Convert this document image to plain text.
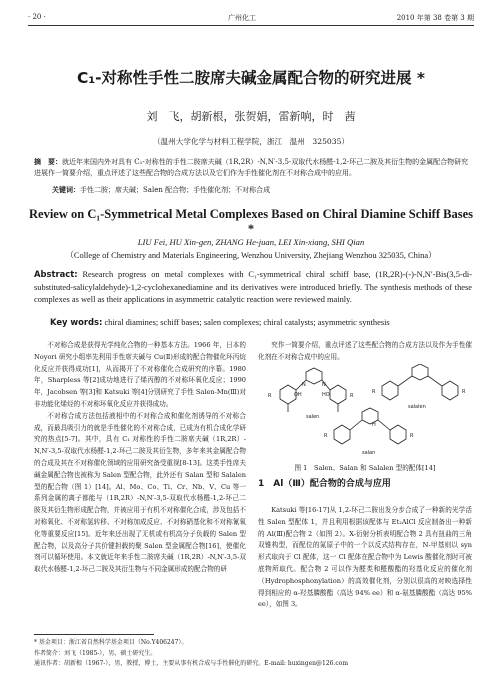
· 20 ·	广州化工	2010 年第 38 卷第 3 期
C₁-对称性手性二胺席夫碱金属配合物的研究进展 *
刘　飞，胡新根，张贺娟，雷新响，时　茜
（温州大学化学与材料工程学院，浙江　温州　325035）
摘　要：就近年来国内外对具有 C₁-对称性的手性二胺席夫碱（1R,2R）-N,N′-3,5-双取代水杨醛-1,2-环己二胺及其衍生物的金属配合物研究进展作一简要介绍，重点评述了这些配合物的合成方法以及它们作为手性催化剂在不对称合成中的应用。
关键词：手性二胺；席夫碱；Salen 配合物；手性催化剂；不对称合成
Review on C₁-Symmetrical Metal Complexes Based on Chiral Diamine Schiff Bases *
LIU Fei, HU Xin-gen, ZHANG He-juan, LEI Xin-xiang, SHI Qian
（College of Chemistry and Materials Engineering, Wenzhou University, Zhejiang Wenzhou 325035, China）
Abstract: Research progress on metal complexes with C₁-symmetrical chiral schiff base, (1R,2R)-(-)-N,N′-Bis(3,5-di-substituted-salicylaldehyde)-1,2-cyclohexanediamine and its derivatives were introduced briefly. The synthesis methods of these complexes as well as their applications in asymmetric catalytic reaction were reviewed mainly.
Key words: chiral diamines; schiff bases; salen complexes; chiral catalysts; asymmetric synthesis

不对称合成是获得光学纯化合物的一种基本方法。1966 年，日本的 Noyori 研究小组率先利用手性席夫碱与 Cu(Ⅱ)形成的配合物催化环丙烷化反应并获得成功[1]，从而揭开了不对称催化合成研究的序幕。1980 年，Sharpless 等[2]成功地进行了烯丙醇的不对称环氧化反应；1990 年，Jacobsen 等[3]和 Katsuki 等[4]分别研究了手性 Salen-Mn(Ⅲ)对非功能化烯烃的不对称环氧化反应并获得成功。

不对称合成方法包括液相中的不对称合成和催化剂诱导的不对称合成，而最具吸引力的就是手性催化的不对称合成，已成为有机合成化学研究的热点[5-7]。其中，具有 C₁ 对称性的手性二胺席夫碱（1R,2R）-N,N′-3,5-双取代水杨醛-1,2-环己二胺及其衍生物，多年来其金属配合物的合成及其在不对称催化领域的应用研究备受重视[8-13]。这类手性席夫碱金属配合物也被称为 Salen 型配合物，此外还有 Salan 型和 Salalen 型的配合物（图 1）[14]。Al、Mo、Co、Ti、Cr、Nb、V、Cu 等一系列金属的离子都能与（1R,2R）-N,N′-3,5-双取代水杨醛-1,2-环己二胺及其衍生物形成配合物，并被应用于有机不对称催化合成，涉及包括不对称氧化、不对称氢转移、不对称加成反应、不对称硝基化和不对称氰氧化等重要反应[15]。近年来还出现了无机或有机高分子负载的 Salen 型配合物，以及高分子共价键担载的聚 Salen 型金属配合物[16]，使催化剂可以循环使用。本文就近年来手性二胺席夫碱（1R,2R）-N,N′-3,5-双取代水杨醛-1,2-环己二胺及其衍生物与不同金属形成的配合物的研

究作一简要介绍，重点评述了这些配合物的合成方法以及作为手性催化剂在不对称合成中的应用。

R	R
R	R
R	R
OH	HO
N	N
H
salen
salan
salalen
图 1　Salen、Salan 和 Salalen 型的配体[14]
1　Al（Ⅲ）配合物的合成与应用

Katsuki 等[16-17]从 1,2-环己二胺出发分步合成了一种新的光学活性 Salen 型配体 1，并且利用根据该配体与 Et₂AlCl 反应制备出一种新的 Al(Ⅲ)配合物 2（如图 2）。X-衍射分析表明配合物 2 具有扭曲的三角双锥构型，而配位的氮原子中的一个以反式结构存在，N-甲基则以 syn 形式取向于 Cl 配体，这一 Cl 配体在配合物中为 Lewis 酸催化剂时可被底物所取代。配合物 2 可以作为醛类和醛酸酯的羟基化反应的催化剂（Hydrophosphonylation）的高效催化剂，分别以很高的对映选择性得到相应的 α-羟基膦酸酯（高达 94% ee）和 α-氨基膦酸酯（高达 95% ee），如图 3。

* 基金项目：浙江省自然科学基金项目（No.Y406247）。
作者简介：刘飞（1985-），男，硕士研究生。
通讯作者：胡新根（1967-），男，教授，博士，主要从事有机合成与手性催化的研究。E-mail: huxingen@126.com
